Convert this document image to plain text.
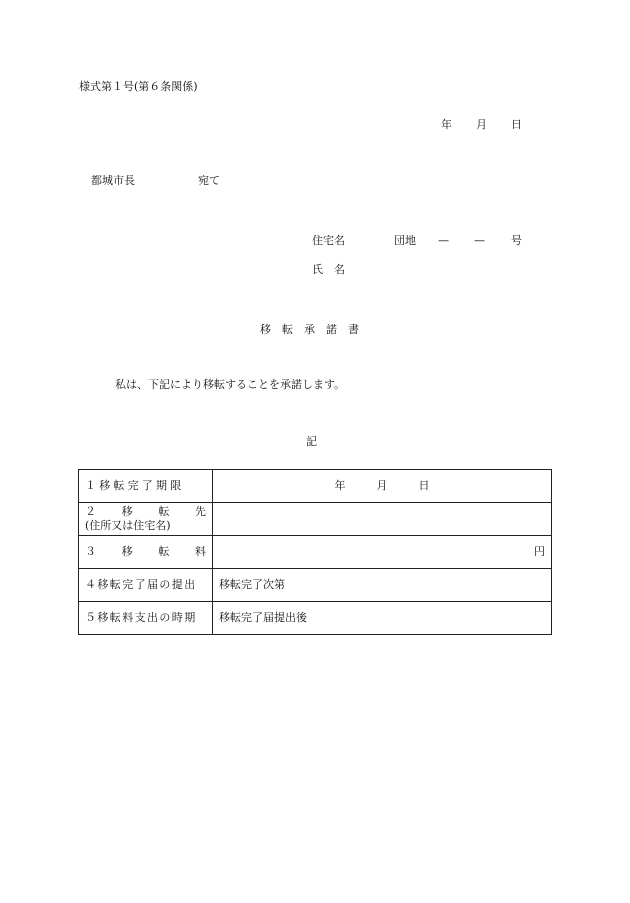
様式第１号(第６条関係)
年 月 日
都城市長	宛て
住宅名	団地 — — 号
氏　名
移転承諾書
私は、下記により移転することを承諾します。
記
１移転完了期限	年 月 日

２ 移 転 先
(住所又は住宅名)	

３ 移 転 料	円
４移転完了届の提出	移転完了次第
５移転料支出の時期	移転完了届提出後
